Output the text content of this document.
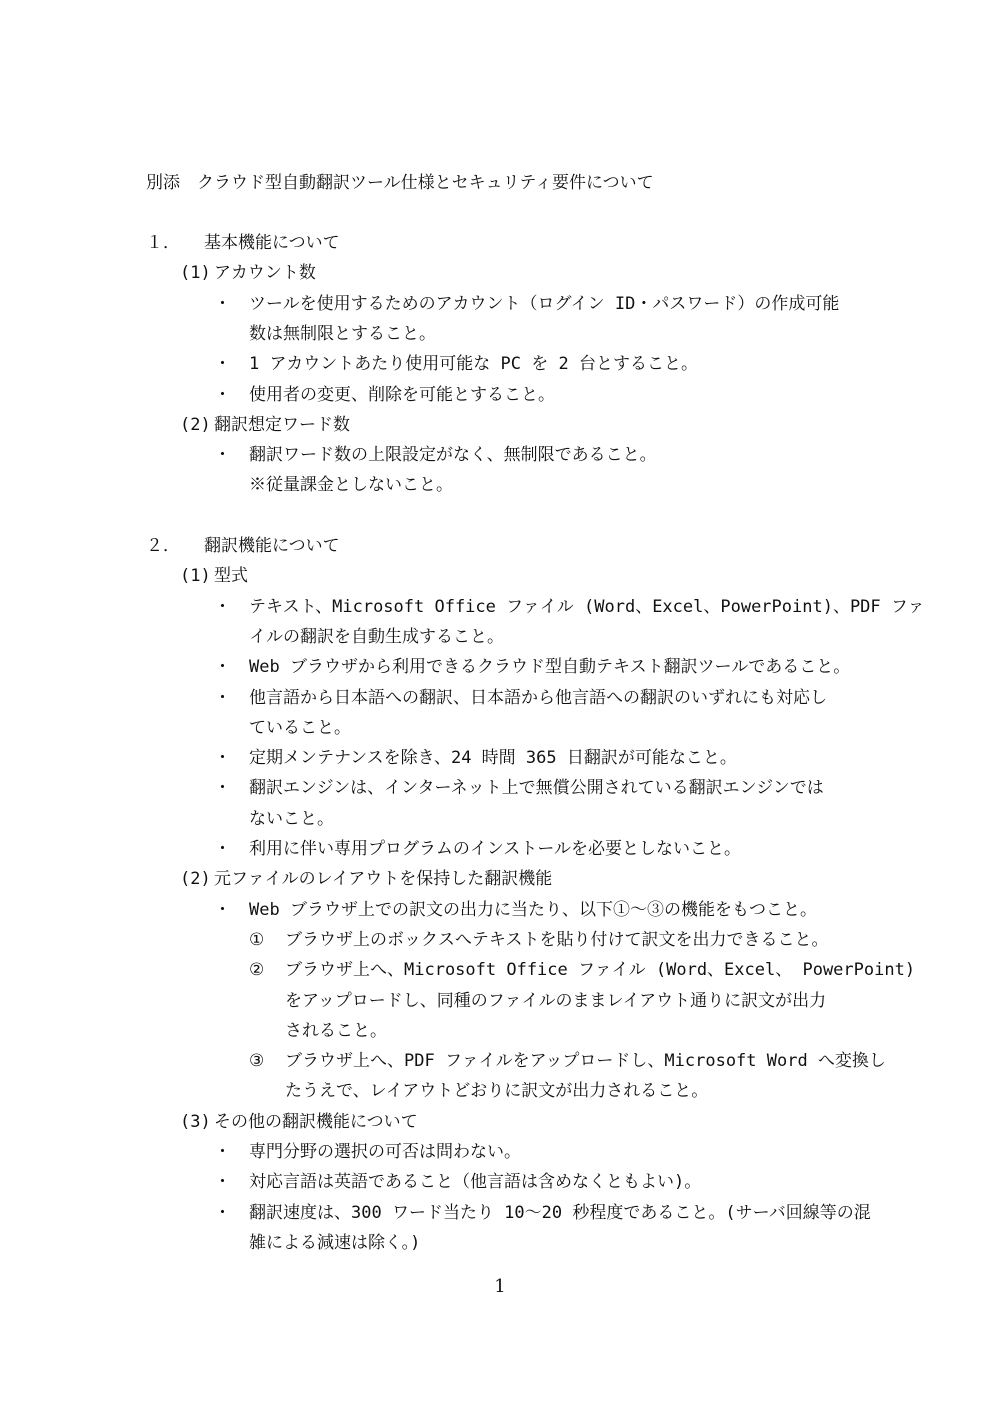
別添　クラウド型自動翻訳ツール仕様とセキュリティ要件について
１． 基本機能について
(1) アカウント数
・ ツールを使用するためのアカウント（ログイン ID・パスワード）の作成可能
数は無制限とすること。
・ 1 アカウントあたり使用可能な PC を 2 台とすること。
・ 使用者の変更、削除を可能とすること。
(2) 翻訳想定ワード数
・ 翻訳ワード数の上限設定がなく、無制限であること。
※従量課金としないこと。
２． 翻訳機能について
(1) 型式
・ テキスト、Microsoft Office ファイル (Word、Excel、PowerPoint)、PDF ファ
イルの翻訳を自動生成すること。
・ Web ブラウザから利用できるクラウド型自動テキスト翻訳ツールであること。
・ 他言語から日本語への翻訳、日本語から他言語への翻訳のいずれにも対応し
ていること。
・ 定期メンテナンスを除き、24 時間 365 日翻訳が可能なこと。
・ 翻訳エンジンは、インターネット上で無償公開されている翻訳エンジンでは
ないこと。
・ 利用に伴い専用プログラムのインストールを必要としないこと。
(2) 元ファイルのレイアウトを保持した翻訳機能
・ Web ブラウザ上での訳文の出力に当たり、以下①～③の機能をもつこと。
① ブラウザ上のボックスへテキストを貼り付けて訳文を出力できること。
② ブラウザ上へ、Microsoft Office ファイル (Word、Excel、 PowerPoint)
をアップロードし、同種のファイルのままレイアウト通りに訳文が出力
されること。
③ ブラウザ上へ、PDF ファイルをアップロードし、Microsoft Word へ変換し
たうえで、レイアウトどおりに訳文が出力されること。
(3) その他の翻訳機能について
・ 専門分野の選択の可否は問わない。
・ 対応言語は英語であること（他言語は含めなくともよい)。
・ 翻訳速度は、300 ワード当たり 10～20 秒程度であること。(サーバ回線等の混
雑による減速は除く。)
1
